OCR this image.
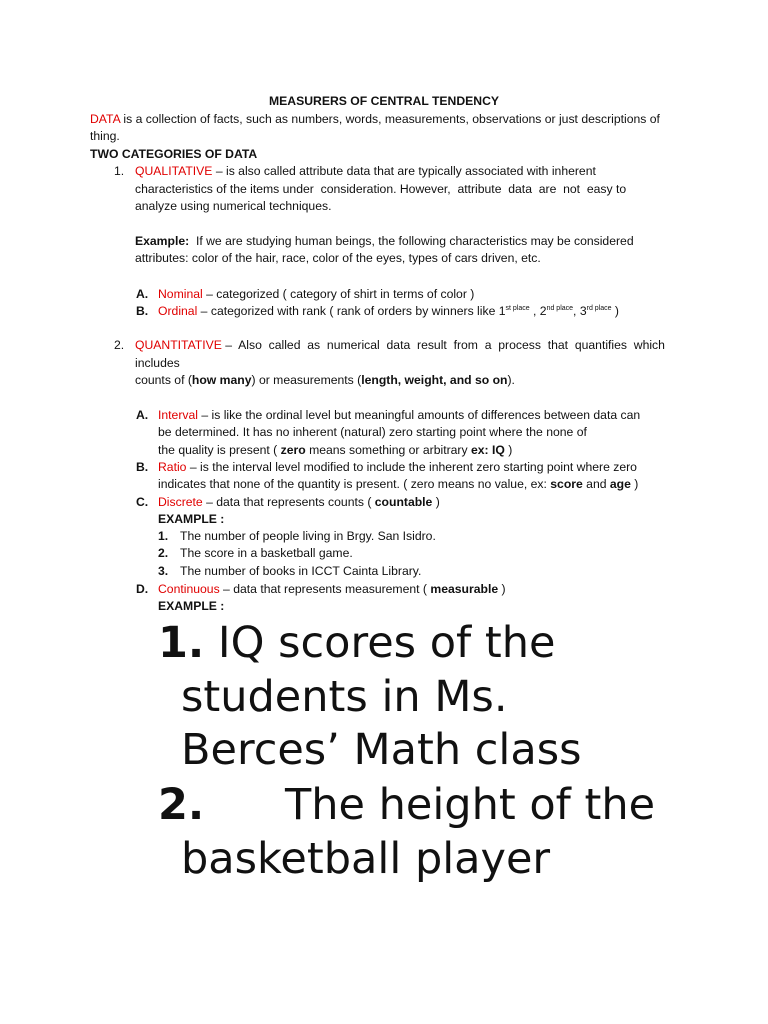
MEASURERS OF CENTRAL TENDENCY
DATA is a collection of facts, such as numbers, words, measurements, observations or just descriptions of
thing.
TWO CATEGORIES OF DATA
1. QUALITATIVE – is also called attribute data that are typically associated with inherent
characteristics of the items under  consideration. However,  attribute  data  are  not  easy to
analyze using numerical techniques.
Example:  If we are studying human beings, the following characteristics may be considered
attributes: color of the hair, race, color of the eyes, types of cars driven, etc.
A. Nominal – categorized ( category of shirt in terms of color )
B. Ordinal – categorized with rank ( rank of orders by winners like $1^{st place}$ , $2^{nd place}$, $3^{rd place}$ )
2. QUANTITATIVE –  Also  called  as  numerical  data  result  from  a  process  that  quantifies  which
includes
counts of (how many) or measurements (length, weight, and so on).
A. Interval – is like the ordinal level but meaningful amounts of differences between data can
be determined. It has no inherent (natural) zero starting point where the none of
the quality is present ( zero means something or arbitrary ex: IQ )
B. Ratio – is the interval level modified to include the inherent zero starting point where zero
indicates that none of the quantity is present. ( zero means no value, ex: score and age )
C. Discrete – data that represents counts ( countable )
EXAMPLE :
1. The number of people living in Brgy. San Isidro.
2. The score in a basketball game.
3. The number of books in ICCT Cainta Library.
D. Continuous – data that represents measurement ( measurable )
EXAMPLE :
1. IQ scores of the
students in Ms.
Berces’ Math class
2. The height of the
basketball player
